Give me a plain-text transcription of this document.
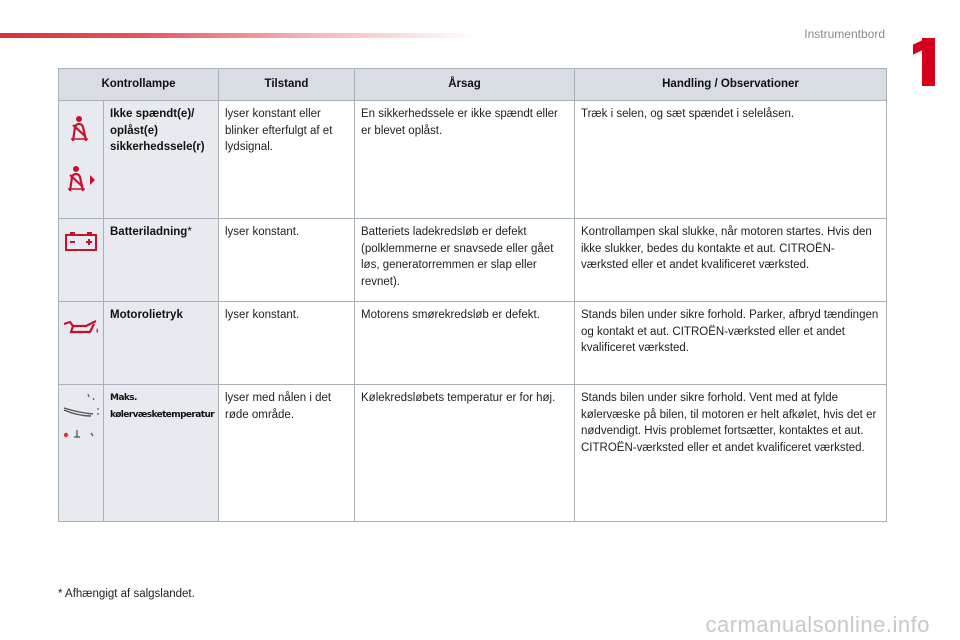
Instrumentbord
Kontrollampe		Tilstand	Årsag	Handling / Observationer

	Ikke spændt(e)/ oplåst(e) sikkerhedssele(r)	lyser konstant eller blinker efterfulgt af et lydsignal.	En sikkerhedssele er ikke spændt eller er blevet oplåst.	Træk i selen, og sæt spændet i selelåsen.

	Batteriladning*	lyser konstant.	Batteriets ladekredsløb er defekt (polklemmerne er snavsede eller gået løs, generatorremmen er slap eller revnet).	Kontrollampen skal slukke, når motoren startes. Hvis den ikke slukker, bedes du kontakte et aut. CITROËN-værksted eller et andet kvalificeret værksted.

	Motorolietryk	lyser konstant.	Motorens smørekredsløb er defekt.	Stands bilen under sikre forhold. Parker, afbryd tændingen og kontakt et aut. CITROËN-værksted eller et andet kvalificeret værksted.

	Maks. kølervæsketemperatur	lyser med nålen i det røde område.	Kølekredsløbets temperatur er for høj.	Stands bilen under sikre forhold. Vent med at fylde kølervæske på bilen, til motoren er helt afkølet, hvis det er nødvendigt. Hvis problemet fortsætter, kontaktes et aut. CITROËN-værksted eller et andet kvalificeret værksted.
* Afhængigt af salgslandet.
carmanualsonline.info
